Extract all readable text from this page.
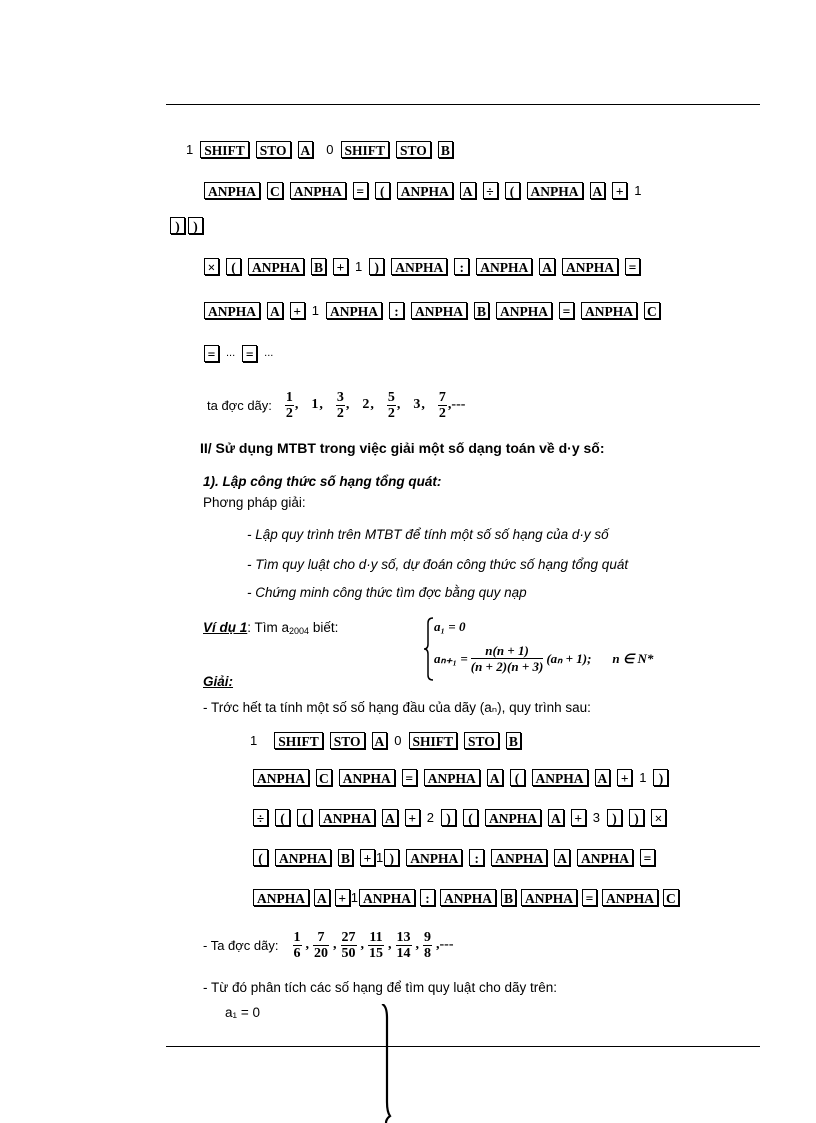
1 SHIFT STO A 0 SHIFT STO B
ANPHA C ANPHA =	(	ANPHA A ÷	(	ANPHA A + 1
)	)
×	(	ANPHA B + 1 )	ANPHA	:	ANPHA A ANPHA =
ANPHA A + 1 ANPHA	:	ANPHA B ANPHA = ANPHA C
= ... = ...
ta đợc dãy: $\frac{1}{2}$ , 1 , $\frac{3}{2}$ , 2 , $\frac{5}{2}$ , 3 , $\frac{7}{2}$ ,---
II/ Sử dụng MTBT trong việc giải một số dạng toán về d·y số:
1). Lập công thức số hạng tổng quát:
Phơng pháp giải:
- Lập quy trình trên MTBT để tính một số số hạng của d·y số
- Tìm quy luật cho d·y số, dự đoán công thức số hạng tổng quát
- Chứng minh công thức tìm đợc bằng quy nạp
Ví dụ 1: Tìm $a_{2004}$ biết:	a₁ = 0
$a_{n+1} = \frac{n(n + 1)}{(n + 2)(n + 3)} (a_n + 1)$; n ∈ N*
Giải:
- Trớc hết ta tính một số số hạng đầu của dãy (aₙ), quy trình sau:
1 SHIFT STO A 0 SHIFT STO B
ANPHA C ANPHA = ANPHA A	(	ANPHA A + 1 )
÷	(	(	ANPHA A + 2 )	(	ANPHA A + 3 )	)	×
(	ANPHA B + 1 )	ANPHA	:	ANPHA A ANPHA =
ANPHA A + 1 ANPHA	:	ANPHA B ANPHA = ANPHA C
- Ta đợc dãy: $\frac{1}{6}$ , $\frac{7}{20}$ , $\frac{27}{50}$ , $\frac{11}{15}$ , $\frac{13}{14}$ , $\frac{9}{8}$ ,---
- Từ đó phân tích các số hạng để tìm quy luật cho dãy trên:
a₁ = 0
